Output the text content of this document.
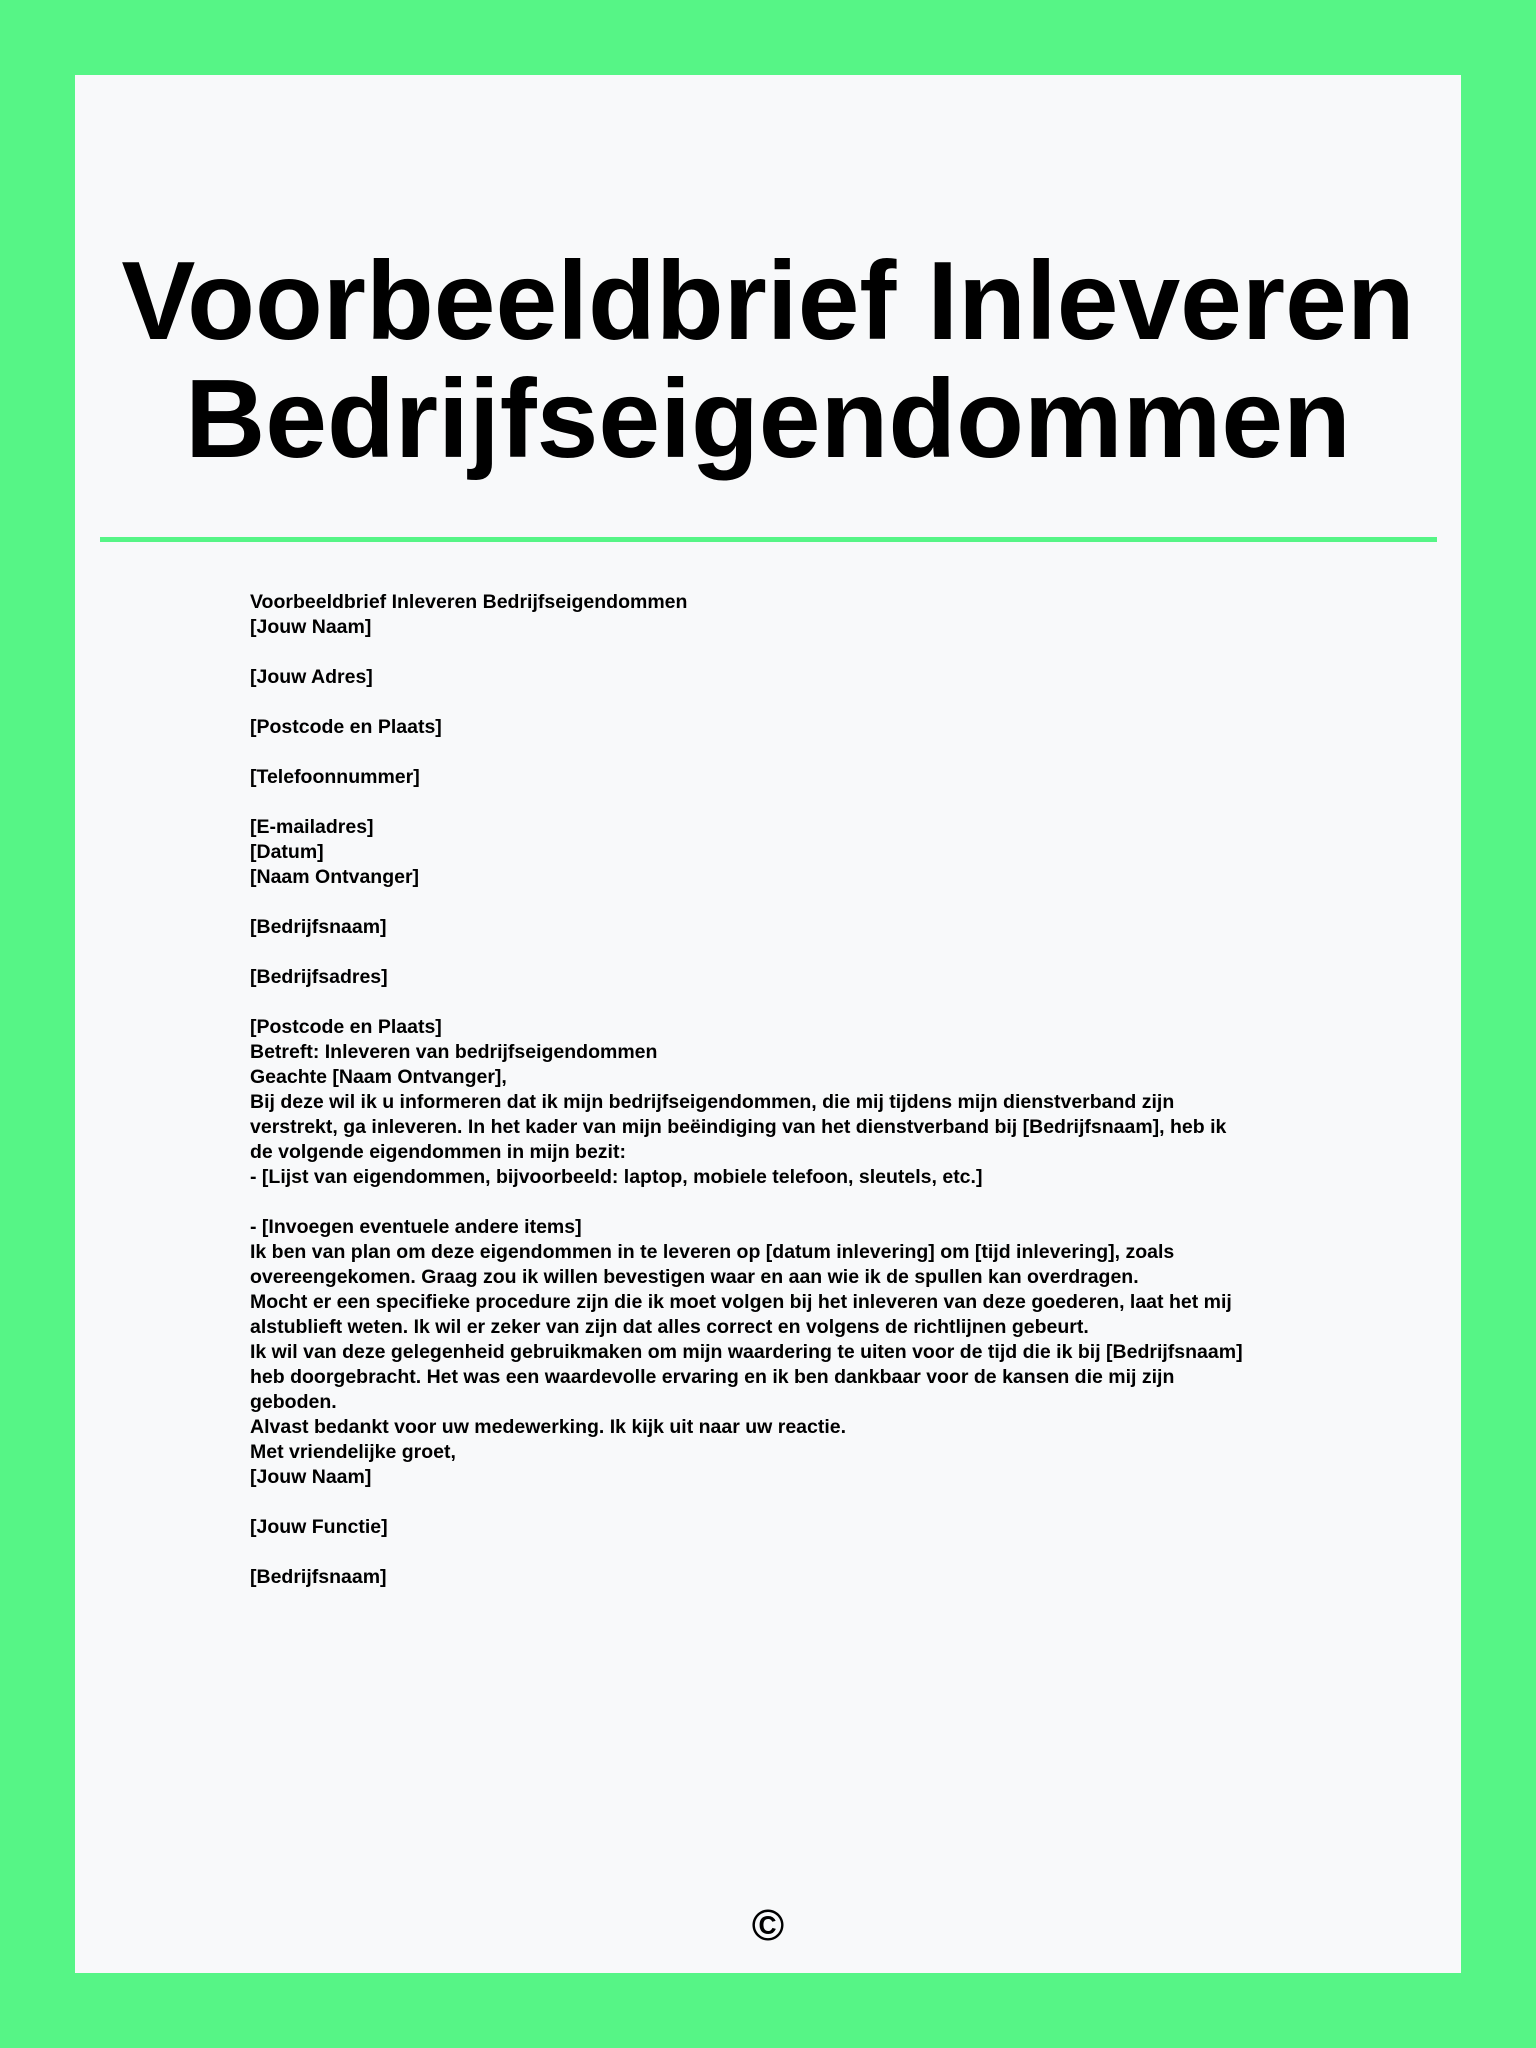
Voorbeeldbrief Inleveren
Bedrijfseigendommen

Voorbeeldbrief Inleveren Bedrijfseigendommen
[Jouw Naam]

[Jouw Adres]

[Postcode en Plaats]

[Telefoonnummer]

[E-mailadres]
[Datum]
[Naam Ontvanger]

[Bedrijfsnaam]

[Bedrijfsadres]

[Postcode en Plaats]
Betreft: Inleveren van bedrijfseigendommen
Geachte [Naam Ontvanger],
Bij deze wil ik u informeren dat ik mijn bedrijfseigendommen, die mij tijdens mijn dienstverband zijn
verstrekt, ga inleveren. In het kader van mijn beëindiging van het dienstverband bij [Bedrijfsnaam], heb ik
de volgende eigendommen in mijn bezit:
- [Lijst van eigendommen, bijvoorbeeld: laptop, mobiele telefoon, sleutels, etc.]

- [Invoegen eventuele andere items]
Ik ben van plan om deze eigendommen in te leveren op [datum inlevering] om [tijd inlevering], zoals
overeengekomen. Graag zou ik willen bevestigen waar en aan wie ik de spullen kan overdragen.
Mocht er een specifieke procedure zijn die ik moet volgen bij het inleveren van deze goederen, laat het mij
alstublieft weten. Ik wil er zeker van zijn dat alles correct en volgens de richtlijnen gebeurt.
Ik wil van deze gelegenheid gebruikmaken om mijn waardering te uiten voor de tijd die ik bij [Bedrijfsnaam]
heb doorgebracht. Het was een waardevolle ervaring en ik ben dankbaar voor de kansen die mij zijn
geboden.
Alvast bedankt voor uw medewerking. Ik kijk uit naar uw reactie.
Met vriendelijke groet,
[Jouw Naam]

[Jouw Functie]

[Bedrijfsnaam]

©
